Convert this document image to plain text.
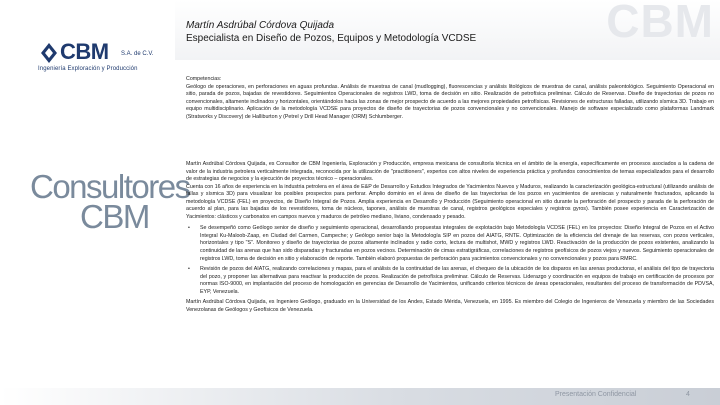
CBM S.A. de C.V.
Ingeniería Exploración y Producción
Consultores
CBM
CBM
Martín Asdrúbal Córdova Quijada
Especialista en Diseño de Pozos, Equipos y Metodología VCDSE

Competencias:

Geólogo de operaciones, en perforaciones en aguas profundas. Análisis de muestras de canal (mudlogging), fluorescencias y análisis litológicos de muestras de canal, análisis paleontológico. Seguimiento Operacional en sitio, parada de pozos, bajadas de revestidores. Seguimientos Operacionales de registros LWD, toma de decisión en sitio. Realización de petrofísica preliminar. Cálculo de Reservas. Diseño de trayectorias de pozos no convencionales, altamente inclinados y horizontales, orientándolos hacia las zonas de mejor prospecto de acuerdo a las mejores propiedades petrofísicas. Revisiones de estructuras falladas, utilizando sísmica 3D. Trabajo en equipo multidisciplinario. Aplicación de la metodología VCDSE para proyectos de diseño de trayectorias de pozos convencionales y no convencionales. Manejo de software especializado como plataformas Landmark (Stratworks y Discovery) de Halliburton y (Petrel y Drill Head Manager (ORM) Schlumberger.

Martín Asdrúbal Córdova Quijada, es Consultor de CBM Ingeniería, Exploración y Producción, empresa mexicana de consultoría técnica en el ámbito de la energía, específicamente en procesos asociados a la cadena de valor de la industria petrolera verticalmente integrada, reconocida por la utilización de "practitioners", expertos con altos niveles de experiencia práctica y profundos conocimientos de temas especializados para el desarrollo de estrategias de negocios y la ejecución de proyectos técnico – operacionales.

Cuenta con 16 años de experiencia en la industria petrolera en el área de E&P de Desarrollo y Estudios Integrados de Yacimientos Nuevos y Maduros, realizando la caracterización geológica-estructural (utilizando análisis de fallas y sísmica 3D) para visualizar los posibles prospectos para perforar. Amplio dominio en el área de diseño de las trayectorias de los pozos en yacimientos de areniscas y naturalmente fracturados, aplicando la metodología VCDSE (FEL) en proyectos, de Diseño Integral de Pozos. Amplia experiencia en Desarrollo y Producción (Seguimiento operacional en sitio durante la perforación del prospecto y parada de la perforación de acuerdo al plan, para las bajadas de los revestidores, toma de núcleos, tapones, análisis de muestras de canal, registros geológicos especiales y registros gyros). También posee experiencia en Caracterización de Yacimientos: clásticos y carbonatos en campos nuevos y maduros de petróleo mediano, liviano, condensado y pesado.

• Se desempeñó como Geólogo senior de diseño y seguimiento operacional, desarrollando propuestas integrales de explotación bajo Metodología VCDSE (FEL) en los proyectos: Diseño Integral de Pozos en el Activo Integral Ku-Maloob-Zaap, en Ciudad del Carmen, Campeche; y Geólogo senior bajo la Metodología SIP en pozos del AIATG, RNTE. Optimización de la eficiencia del drenaje de las reservas, con pozos verticales, horizontales y tipo "S". Monitoreo y diseño de trayectorias de pozos altamente inclinados y radio corto, lectura de multishot, MWD y registros LWD. Reactivación de la producción de pozos existentes, analizando la continuidad de las arenas que han sido disparadas y fracturadas en pozos vecinos. Determinación de cimas estratigráficas, correlaciones de registros geofísicos de pozos viejos y nuevos. Seguimiento operacionales de registros LWD, toma de decisión en sitio y elaboración de reporte. También elaboró propuestas de perforación para yacimientos convencionales y no convencionales y pozos para RMRC.
• Revisión de pozos del AIATG, realizando correlaciones y mapas, para el análisis de la continuidad de las arenas, el chequeo de la ubicación de los disparos en las arenas productoras, el análisis del tipo de trayectoria del pozo, y proponer las alternativas para reactivar la producción de pozos. Realización de petrofísica preliminar. Cálculo de Reservas. Liderazgo y coordinación en equipos de trabajo en certificación de procesos por normas ISO-9000, en implantación del proceso de homologación en gerencias de Desarrollo de Yacimientos, unificando criterios técnicos de áreas operacionales, resultantes del proceso de transformación de PDVSA, EYP, Venezuela.

Martín Asdrúbal Córdova Quijada, es Ingeniero Geólogo, graduado en la Universidad de los Andes, Estado Mérida, Venezuela, en 1995. Es miembro del Colegio de Ingenieros de Venezuela y miembro de las Sociedades Venezolanas de Geólogos y Geofísicos de Venezuela.

Presentación Confidencial	4
